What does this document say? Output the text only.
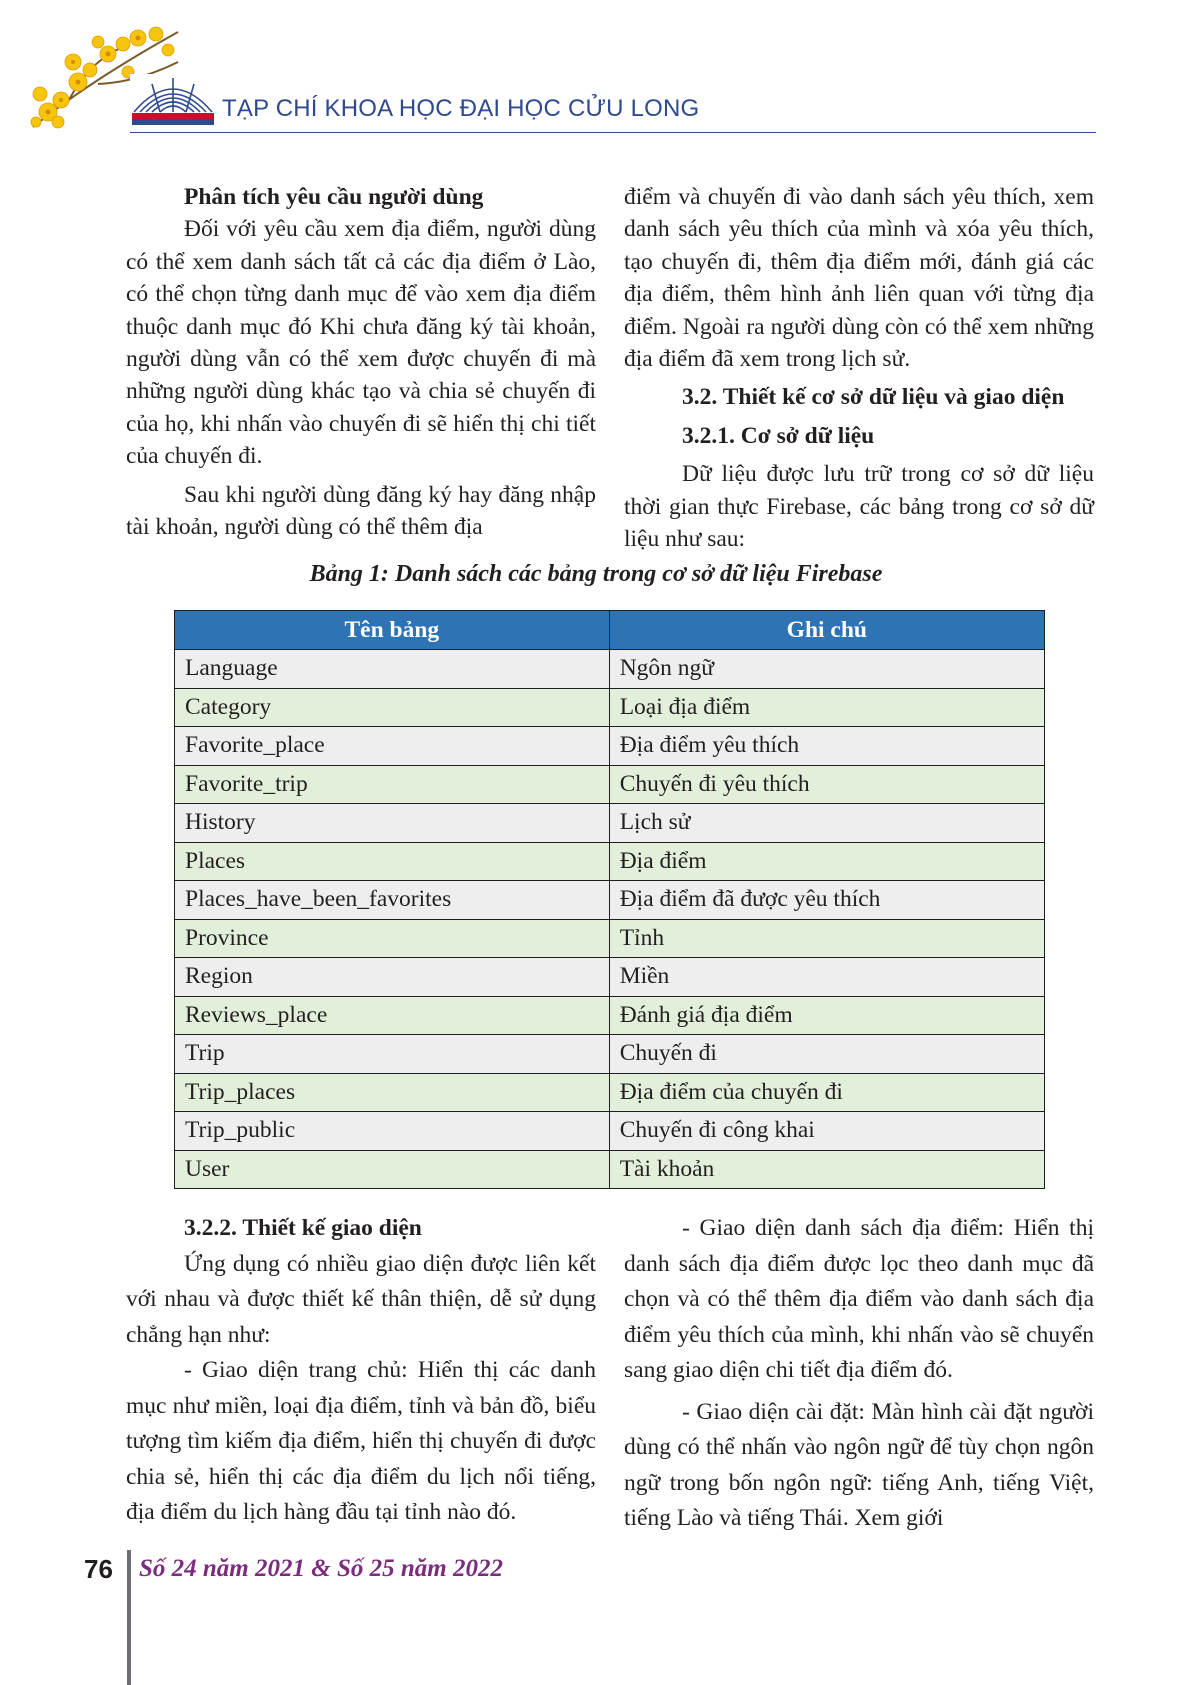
TẠP CHÍ KHOA HỌC ĐẠI HỌC CỬU LONG
Phân tích yêu cầu người dùng

Đối với yêu cầu xem địa điểm, người dùng có thể xem danh sách tất cả các địa điểm ở Lào, có thể chọn từng danh mục để vào xem địa điểm thuộc danh mục đó Khi chưa đăng ký tài khoản, người dùng vẫn có thể xem được chuyến đi mà những người dùng khác tạo và chia sẻ chuyến đi của họ, khi nhấn vào chuyến đi sẽ hiển thị chi tiết của chuyến đi.

Sau khi người dùng đăng ký hay đăng nhập tài khoản, người dùng có thể thêm địa

điểm và chuyến đi vào danh sách yêu thích, xem danh sách yêu thích của mình và xóa yêu thích, tạo chuyến đi, thêm địa điểm mới, đánh giá các địa điểm, thêm hình ảnh liên quan với từng địa điểm. Ngoài ra người dùng còn có thể xem những địa điểm đã xem trong lịch sử.

3.2. Thiết kế cơ sở dữ liệu và giao diện
3.2.1. Cơ sở dữ liệu

Dữ liệu được lưu trữ trong cơ sở dữ liệu thời gian thực Firebase, các bảng trong cơ sở dữ liệu như sau:

Bảng 1: Danh sách các bảng trong cơ sở dữ liệu Firebase
Tên bảng	Ghi chú
Language	Ngôn ngữ
Category	Loại địa điểm
Favorite_place	Địa điểm yêu thích
Favorite_trip	Chuyến đi yêu thích
History	Lịch sử
Places	Địa điểm
Places_have_been_favorites	Địa điểm đã được yêu thích
Province	Tỉnh
Region	Miền
Reviews_place	Đánh giá địa điểm
Trip	Chuyến đi
Trip_places	Địa điểm của chuyến đi
Trip_public	Chuyến đi công khai
User	Tài khoản
3.2.2. Thiết kế giao diện

Ứng dụng có nhiều giao diện được liên kết với nhau và được thiết kế thân thiện, dễ sử dụng chẳng hạn như:

- Giao diện trang chủ: Hiển thị các danh mục như miền, loại địa điểm, tỉnh và bản đồ, biểu tượng tìm kiếm địa điểm, hiển thị chuyến đi được chia sẻ, hiển thị các địa điểm du lịch nổi tiếng, địa điểm du lịch hàng đầu tại tỉnh nào đó.

- Giao diện danh sách địa điểm: Hiển thị danh sách địa điểm được lọc theo danh mục đã chọn và có thể thêm địa điểm vào danh sách địa điểm yêu thích của mình, khi nhấn vào sẽ chuyển sang giao diện chi tiết địa điểm đó.

- Giao diện cài đặt: Màn hình cài đặt người dùng có thể nhấn vào ngôn ngữ để tùy chọn ngôn ngữ trong bốn ngôn ngữ: tiếng Anh, tiếng Việt, tiếng Lào và tiếng Thái. Xem giới

76 Số 24 năm 2021 & Số 25 năm 2022
